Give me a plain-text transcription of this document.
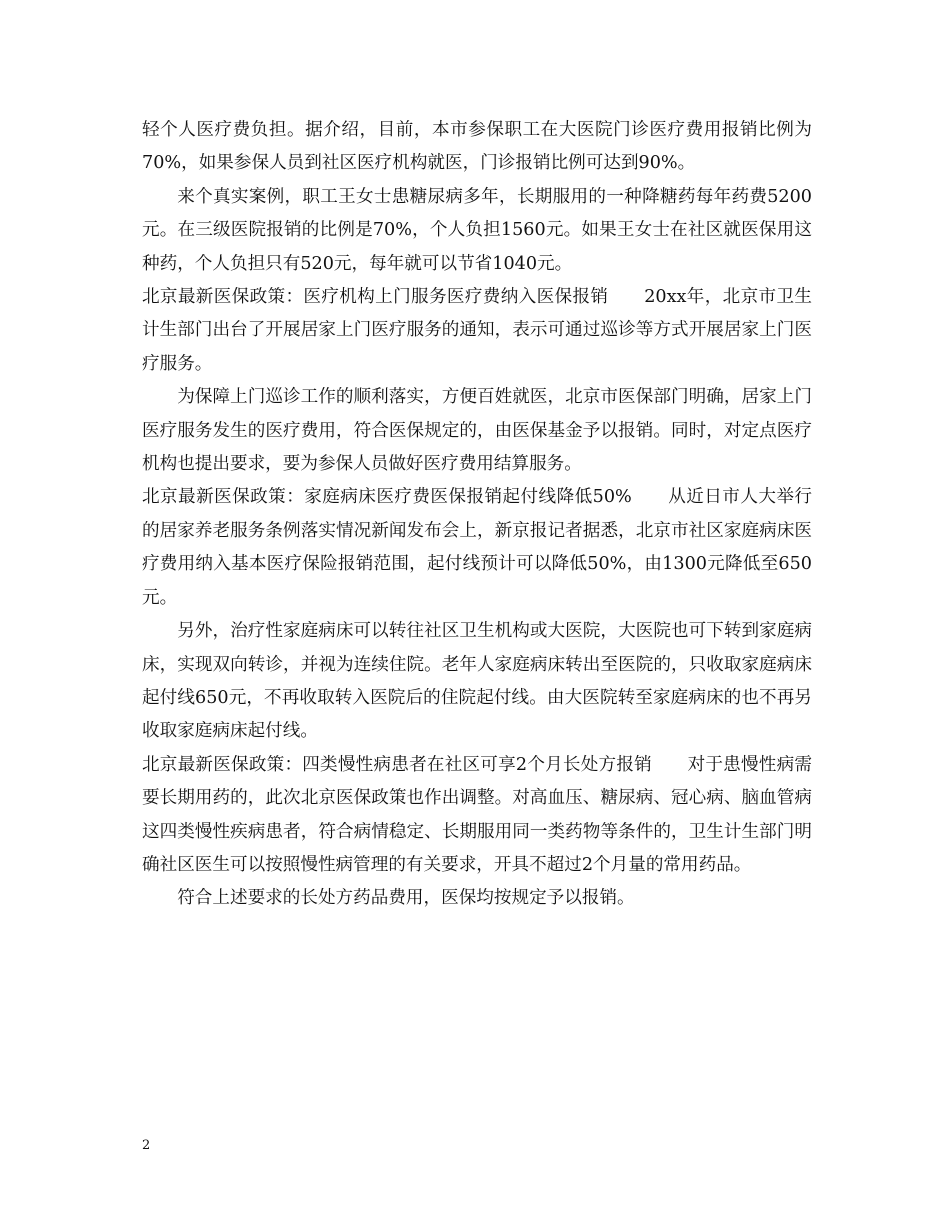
轻个人医疗费负担。据介绍，目前，本市参保职工在大医院门诊医疗费用报销比例为70%，如果参保人员到社区医疗机构就医，门诊报销比例可达到90%。

来个真实案例，职工王女士患糖尿病多年，长期服用的一种降糖药每年药费5200元。在三级医院报销的比例是70%，个人负担1560元。如果王女士在社区就医保用这种药，个人负担只有520元，每年就可以节省1040元。

北京最新医保政策：医疗机构上门服务医疗费纳入医保报销　　20xx年，北京市卫生计生部门出台了开展居家上门医疗服务的通知，表示可通过巡诊等方式开展居家上门医疗服务。

为保障上门巡诊工作的顺利落实，方便百姓就医，北京市医保部门明确，居家上门医疗服务发生的医疗费用，符合医保规定的，由医保基金予以报销。同时，对定点医疗机构也提出要求，要为参保人员做好医疗费用结算服务。

北京最新医保政策：家庭病床医疗费医保报销起付线降低50%　　从近日市人大举行的居家养老服务条例落实情况新闻发布会上，新京报记者据悉，北京市社区家庭病床医疗费用纳入基本医疗保险报销范围，起付线预计可以降低50%，由1300元降低至650元。

另外，治疗性家庭病床可以转往社区卫生机构或大医院，大医院也可下转到家庭病床，实现双向转诊，并视为连续住院。老年人家庭病床转出至医院的，只收取家庭病床起付线650元，不再收取转入医院后的住院起付线。由大医院转至家庭病床的也不再另收取家庭病床起付线。

北京最新医保政策：四类慢性病患者在社区可享2个月长处方报销　　对于患慢性病需要长期用药的，此次北京医保政策也作出调整。对高血压、糖尿病、冠心病、脑血管病这四类慢性疾病患者，符合病情稳定、长期服用同一类药物等条件的，卫生计生部门明确社区医生可以按照慢性病管理的有关要求，开具不超过2个月量的常用药品。

符合上述要求的长处方药品费用，医保均按规定予以报销。

2
